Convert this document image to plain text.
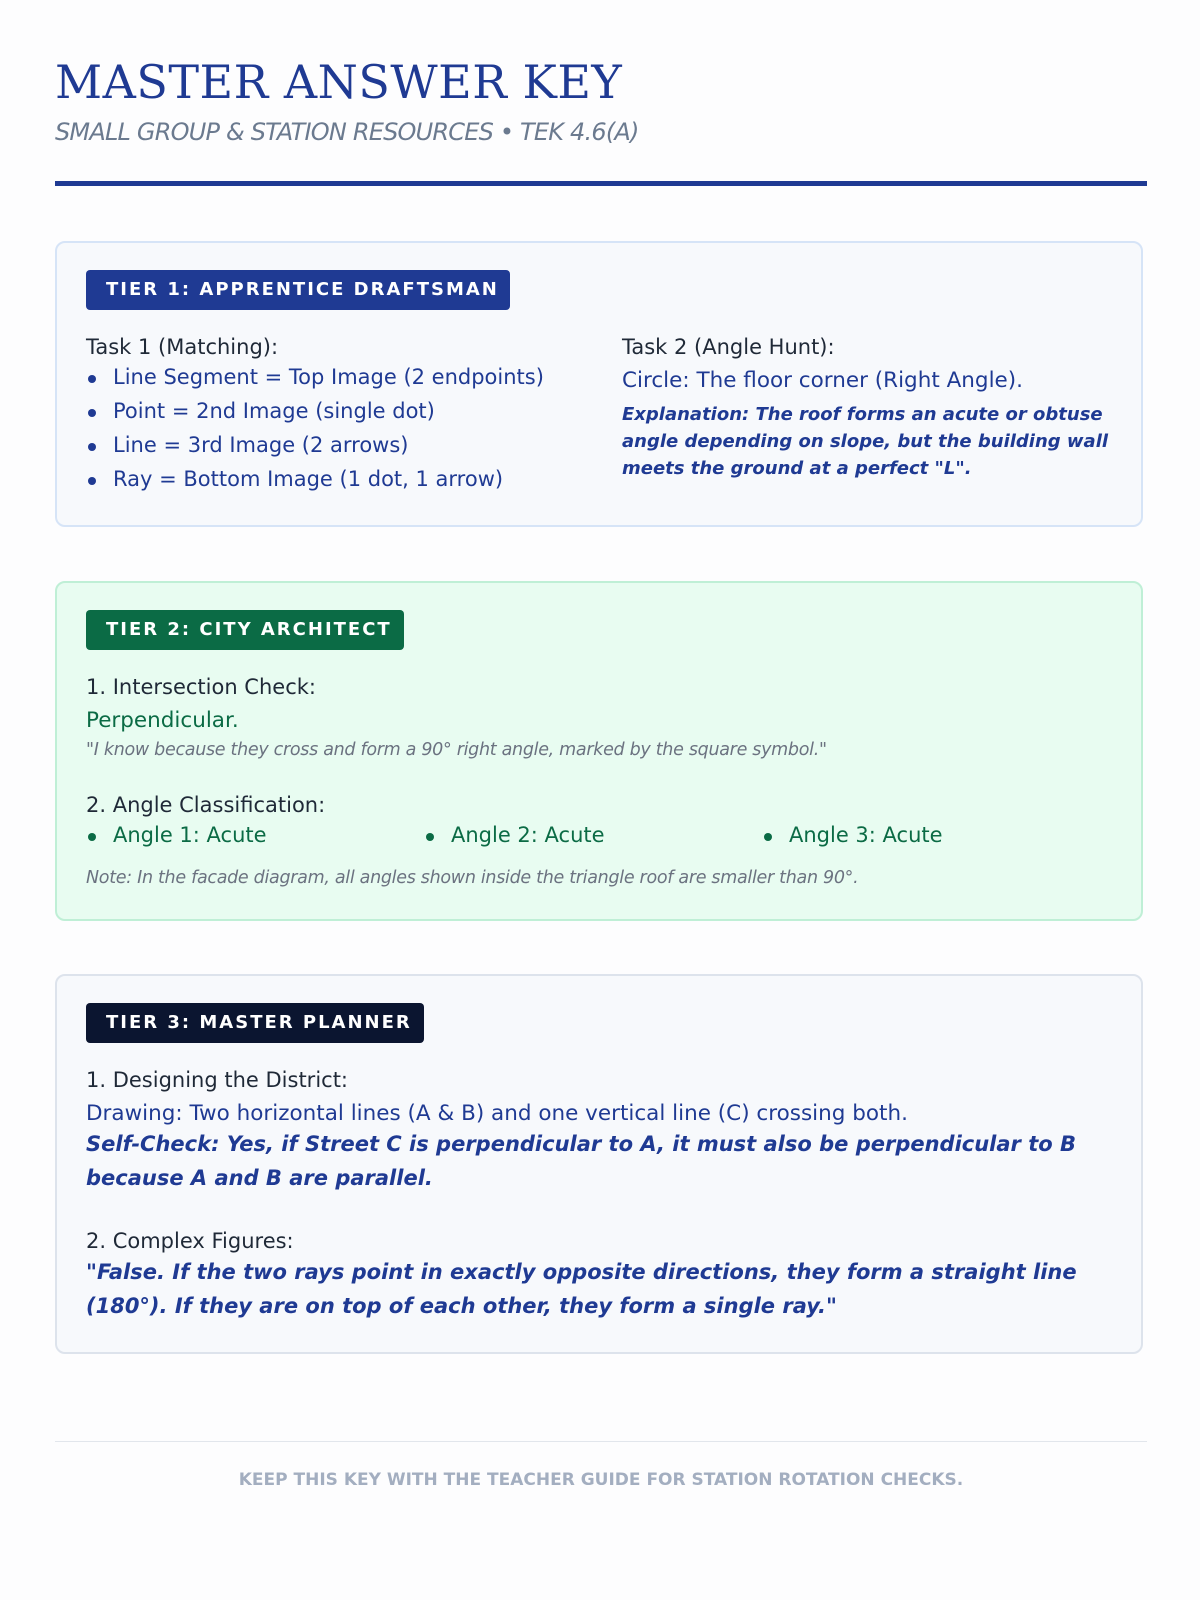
MASTER ANSWER KEY
SMALL GROUP & STATION RESOURCES • TEK 4.6(A)
TIER 1: APPRENTICE DRAFTSMAN
Task 1 (Matching):
Line Segment = Top Image (2 endpoints)
Point = 2nd Image (single dot)
Line = 3rd Image (2 arrows)
Ray = Bottom Image (1 dot, 1 arrow)
Task 2 (Angle Hunt):
Circle: The floor corner (Right Angle).
Explanation: The roof forms an acute or obtuse angle depending on slope, but the building wall meets the ground at a perfect "L".
TIER 2: CITY ARCHITECT
1. Intersection Check:
Perpendicular.
"I know because they cross and form a 90° right angle, marked by the square symbol."
2. Angle Classification:
Angle 1: Acute	Angle 2: Acute	Angle 3: Acute
Note: In the facade diagram, all angles shown inside the triangle roof are smaller than 90°.
TIER 3: MASTER PLANNER
1. Designing the District:
Drawing: Two horizontal lines (A & B) and one vertical line (C) crossing both.
Self-Check: Yes, if Street C is perpendicular to A, it must also be perpendicular to B because A and B are parallel.
2. Complex Figures:
"False. If the two rays point in exactly opposite directions, they form a straight line (180°). If they are on top of each other, they form a single ray."
KEEP THIS KEY WITH THE TEACHER GUIDE FOR STATION ROTATION CHECKS.
